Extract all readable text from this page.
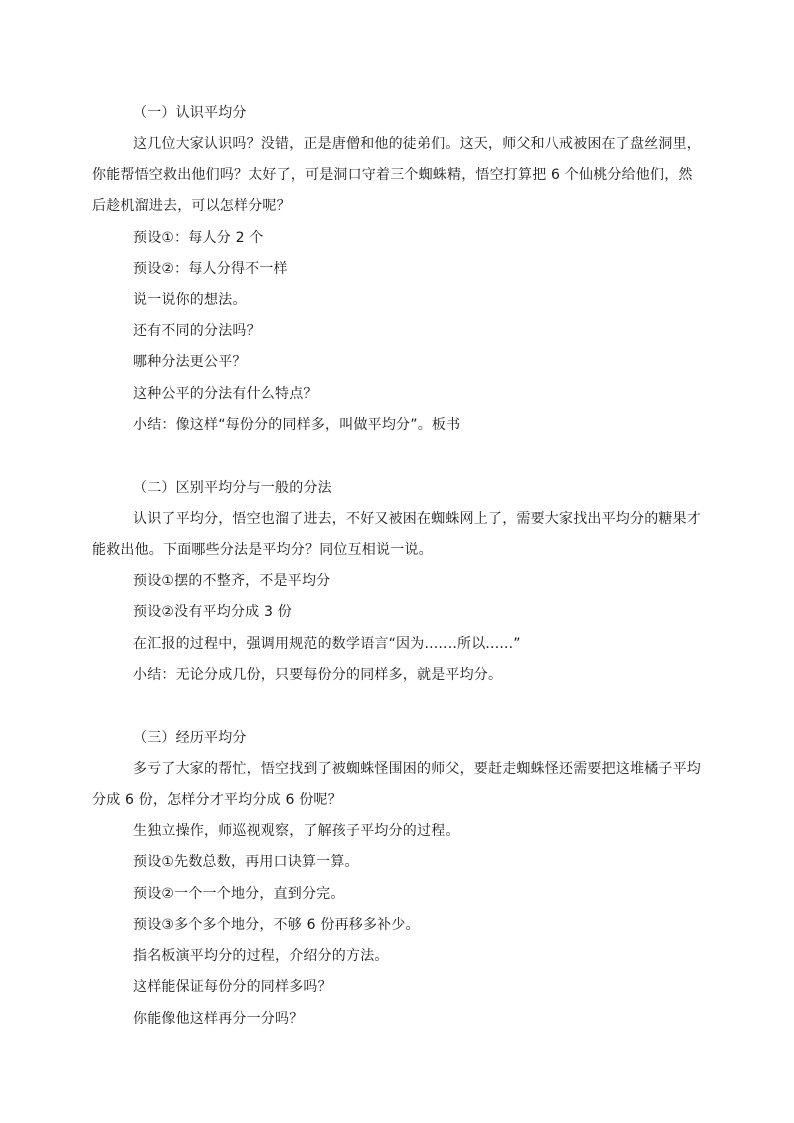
（一）认识平均分
这几位大家认识吗？没错，正是唐僧和他的徒弟们。这天，师父和八戒被困在了盘丝洞里，
你能帮悟空救出他们吗？太好了，可是洞口守着三个蜘蛛精，悟空打算把 6 个仙桃分给他们，然
后趁机溜进去，可以怎样分呢？
预设①：每人分 2 个
预设②：每人分得不一样
说一说你的想法。
还有不同的分法吗？
哪种分法更公平？
这种公平的分法有什么特点？
小结：像这样“每份分的同样多，叫做平均分”。板书
（二）区别平均分与一般的分法
认识了平均分，悟空也溜了进去，不好又被困在蜘蛛网上了，需要大家找出平均分的糖果才
能救出他。下面哪些分法是平均分？同位互相说一说。
预设①摆的不整齐，不是平均分
预设②没有平均分成 3 份
在汇报的过程中，强调用规范的数学语言“因为.......所以......”
小结：无论分成几份，只要每份分的同样多，就是平均分。
（三）经历平均分
多亏了大家的帮忙，悟空找到了被蜘蛛怪围困的师父，要赶走蜘蛛怪还需要把这堆橘子平均
分成 6 份，怎样分才平均分成 6 份呢？
生独立操作，师巡视观察，了解孩子平均分的过程。
预设①先数总数，再用口诀算一算。
预设②一个一个地分，直到分完。
预设③多个多个地分，不够 6 份再移多补少。
指名板演平均分的过程，介绍分的方法。
这样能保证每份分的同样多吗？
你能像他这样再分一分吗？
